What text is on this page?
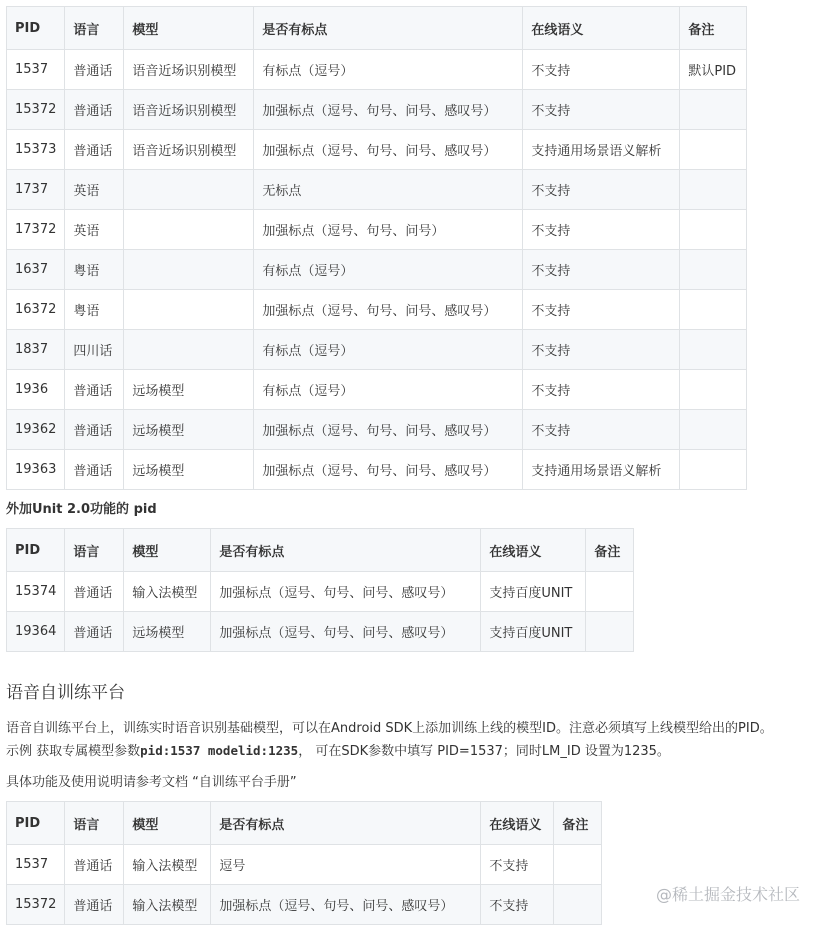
PID	语言	模型	是否有标点	在线语义	备注
1537	普通话	语音近场识别模型	有标点（逗号）	不支持	默认PID
15372	普通话	语音近场识别模型	加强标点（逗号、句号、问号、感叹号）	不支持	
15373	普通话	语音近场识别模型	加强标点（逗号、句号、问号、感叹号）	支持通用场景语义解析	
1737	英语		无标点	不支持	
17372	英语		加强标点（逗号、句号、问号）	不支持	
1637	粤语		有标点（逗号）	不支持	
16372	粤语		加强标点（逗号、句号、问号、感叹号）	不支持	
1837	四川话		有标点（逗号）	不支持	
1936	普通话	远场模型	有标点（逗号）	不支持	
19362	普通话	远场模型	加强标点（逗号、句号、问号、感叹号）	不支持	
19363	普通话	远场模型	加强标点（逗号、句号、问号、感叹号）	支持通用场景语义解析	
外加Unit 2.0功能的 pid
PID	语言	模型	是否有标点	在线语义	备注
15374	普通话	输入法模型	加强标点（逗号、句号、问号、感叹号）	支持百度UNIT	
19364	普通话	远场模型	加强标点（逗号、句号、问号、感叹号）	支持百度UNIT	
语音自训练平台
语音自训练平台上，训练实时语音识别基础模型，可以在Android SDK上添加训练上线的模型ID。注意必须填写上线模型给出的PID。
示例 获取专属模型参数pid:1537 modelid:1235， 可在SDK参数中填写 PID=1537；同时LM_ID 设置为1235。
具体功能及使用说明请参考文档 “自训练平台手册”
PID	语言	模型	是否有标点	在线语义	备注
1537	普通话	输入法模型	逗号	不支持	
15372	普通话	输入法模型	加强标点（逗号、句号、问号、感叹号）	不支持	
@稀土掘金技术社区
